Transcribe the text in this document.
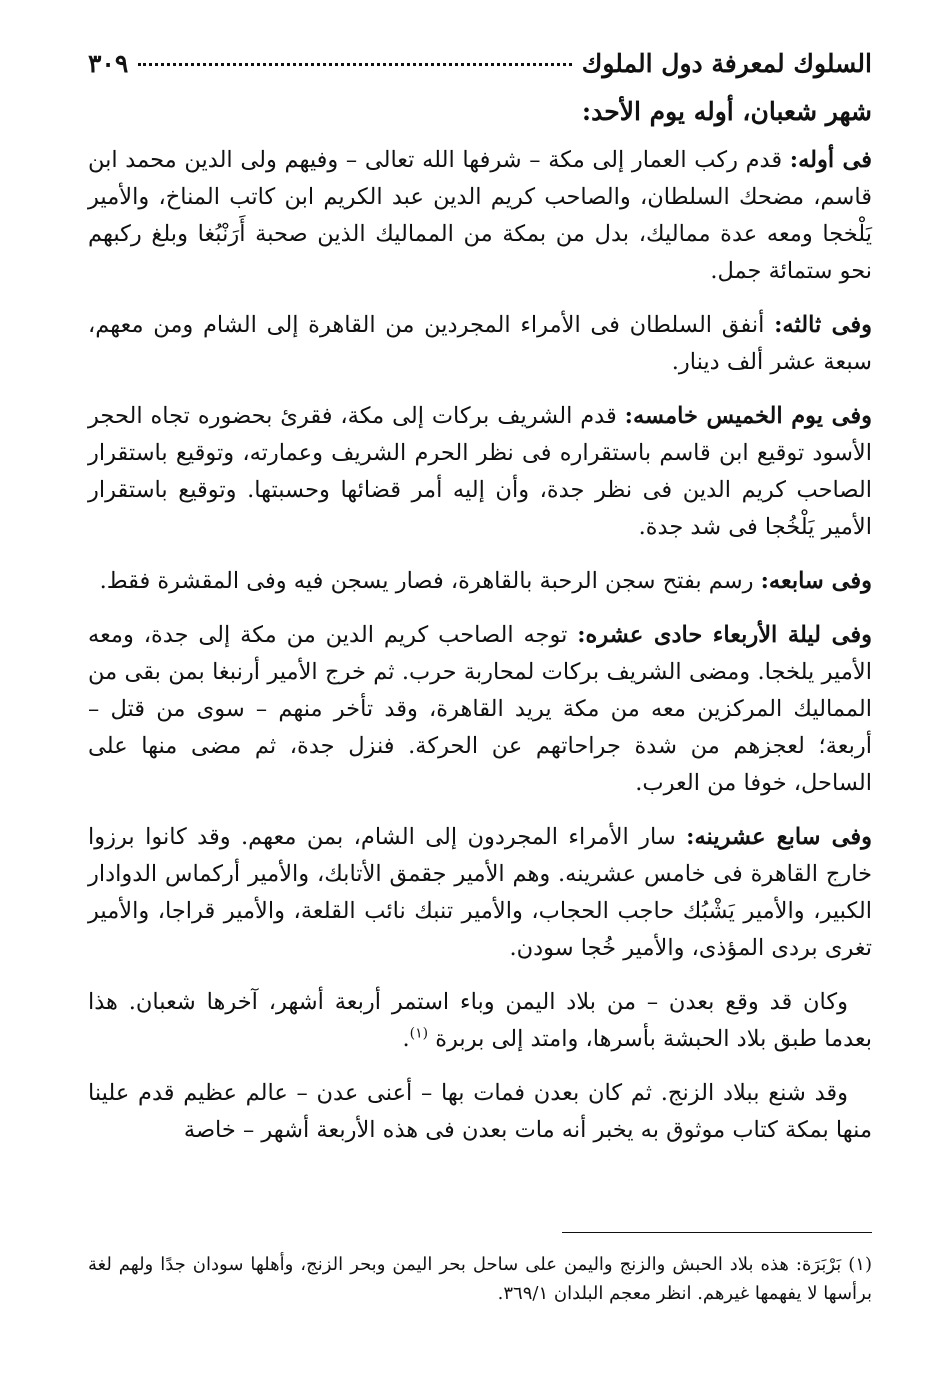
السلوك لمعرفة دول الملوك
٣٠٩
شهر شعبان، أوله يوم الأحد:

فى أوله: قدم ركب العمار إلى مكة – شرفها الله تعالى – وفيهم ولى الدين محمد ابن قاسم، مضحك السلطان، والصاحب كريم الدين عبد الكريم ابن كاتب المناخ، والأمير يَلْخجا ومعه عدة مماليك، بدل من بمكة من المماليك الذين صحبة أَرَنْبُغا وبلغ ركبهم نحو ستمائة جمل.

وفى ثالثه: أنفق السلطان فى الأمراء المجردين من القاهرة إلى الشام ومن معهم، سبعة عشر ألف دينار.

وفى يوم الخميس خامسه: قدم الشريف بركات إلى مكة، فقرئ بحضوره تجاه الحجر الأسود توقيع ابن قاسم باستقراره فى نظر الحرم الشريف وعمارته، وتوقيع باستقرار الصاحب كريم الدين فى نظر جدة، وأن إليه أمر قضائها وحسبتها. وتوقيع باستقرار الأمير يَلْخُجا فى شد جدة.

وفى سابعه: رسم بفتح سجن الرحبة بالقاهرة، فصار يسجن فيه وفى المقشرة فقط.

وفى ليلة الأربعاء حادى عشره: توجه الصاحب كريم الدين من مكة إلى جدة، ومعه الأمير يلخجا. ومضى الشريف بركات لمحاربة حرب. ثم خرج الأمير أرنبغا بمن بقى من المماليك المركزين معه من مكة يريد القاهرة، وقد تأخر منهم – سوى من قتل – أربعة؛ لعجزهم من شدة جراحاتهم عن الحركة. فنزل جدة، ثم مضى منها على الساحل، خوفا من العرب.

وفى سابع عشرينه: سار الأمراء المجردون إلى الشام، بمن معهم. وقد كانوا برزوا خارج القاهرة فى خامس عشرينه. وهم الأمير جقمق الأتابك، والأمير أركماس الدوادار الكبير، والأمير يَشْبُك حاجب الحجاب، والأمير تنبك نائب القلعة، والأمير قراجا، والأمير تغرى بردى المؤذى، والأمير خُجا سودن.

وكان قد وقع بعدن – من بلاد اليمن وباء استمر أربعة أشهر، آخرها شعبان. هذا بعدما طبق بلاد الحبشة بأسرها، وامتد إلى بربرة $^{(١)}$.

وقد شنع ببلاد الزنج. ثم كان بعدن فمات بها – أعنى عدن – عالم عظيم قدم علينا منها بمكة كتاب موثوق به يخبر أنه مات بعدن فى هذه الأربعة أشهر – خاصة

(١) بَرْبَرَة: هذه بلاد الحبش والزنج واليمن على ساحل بحر اليمن وبحر الزنج، وأهلها سودان جدًا ولهم لغة برأسها لا يفهمها غيرهم. انظر معجم البلدان ٣٦٩/١.
